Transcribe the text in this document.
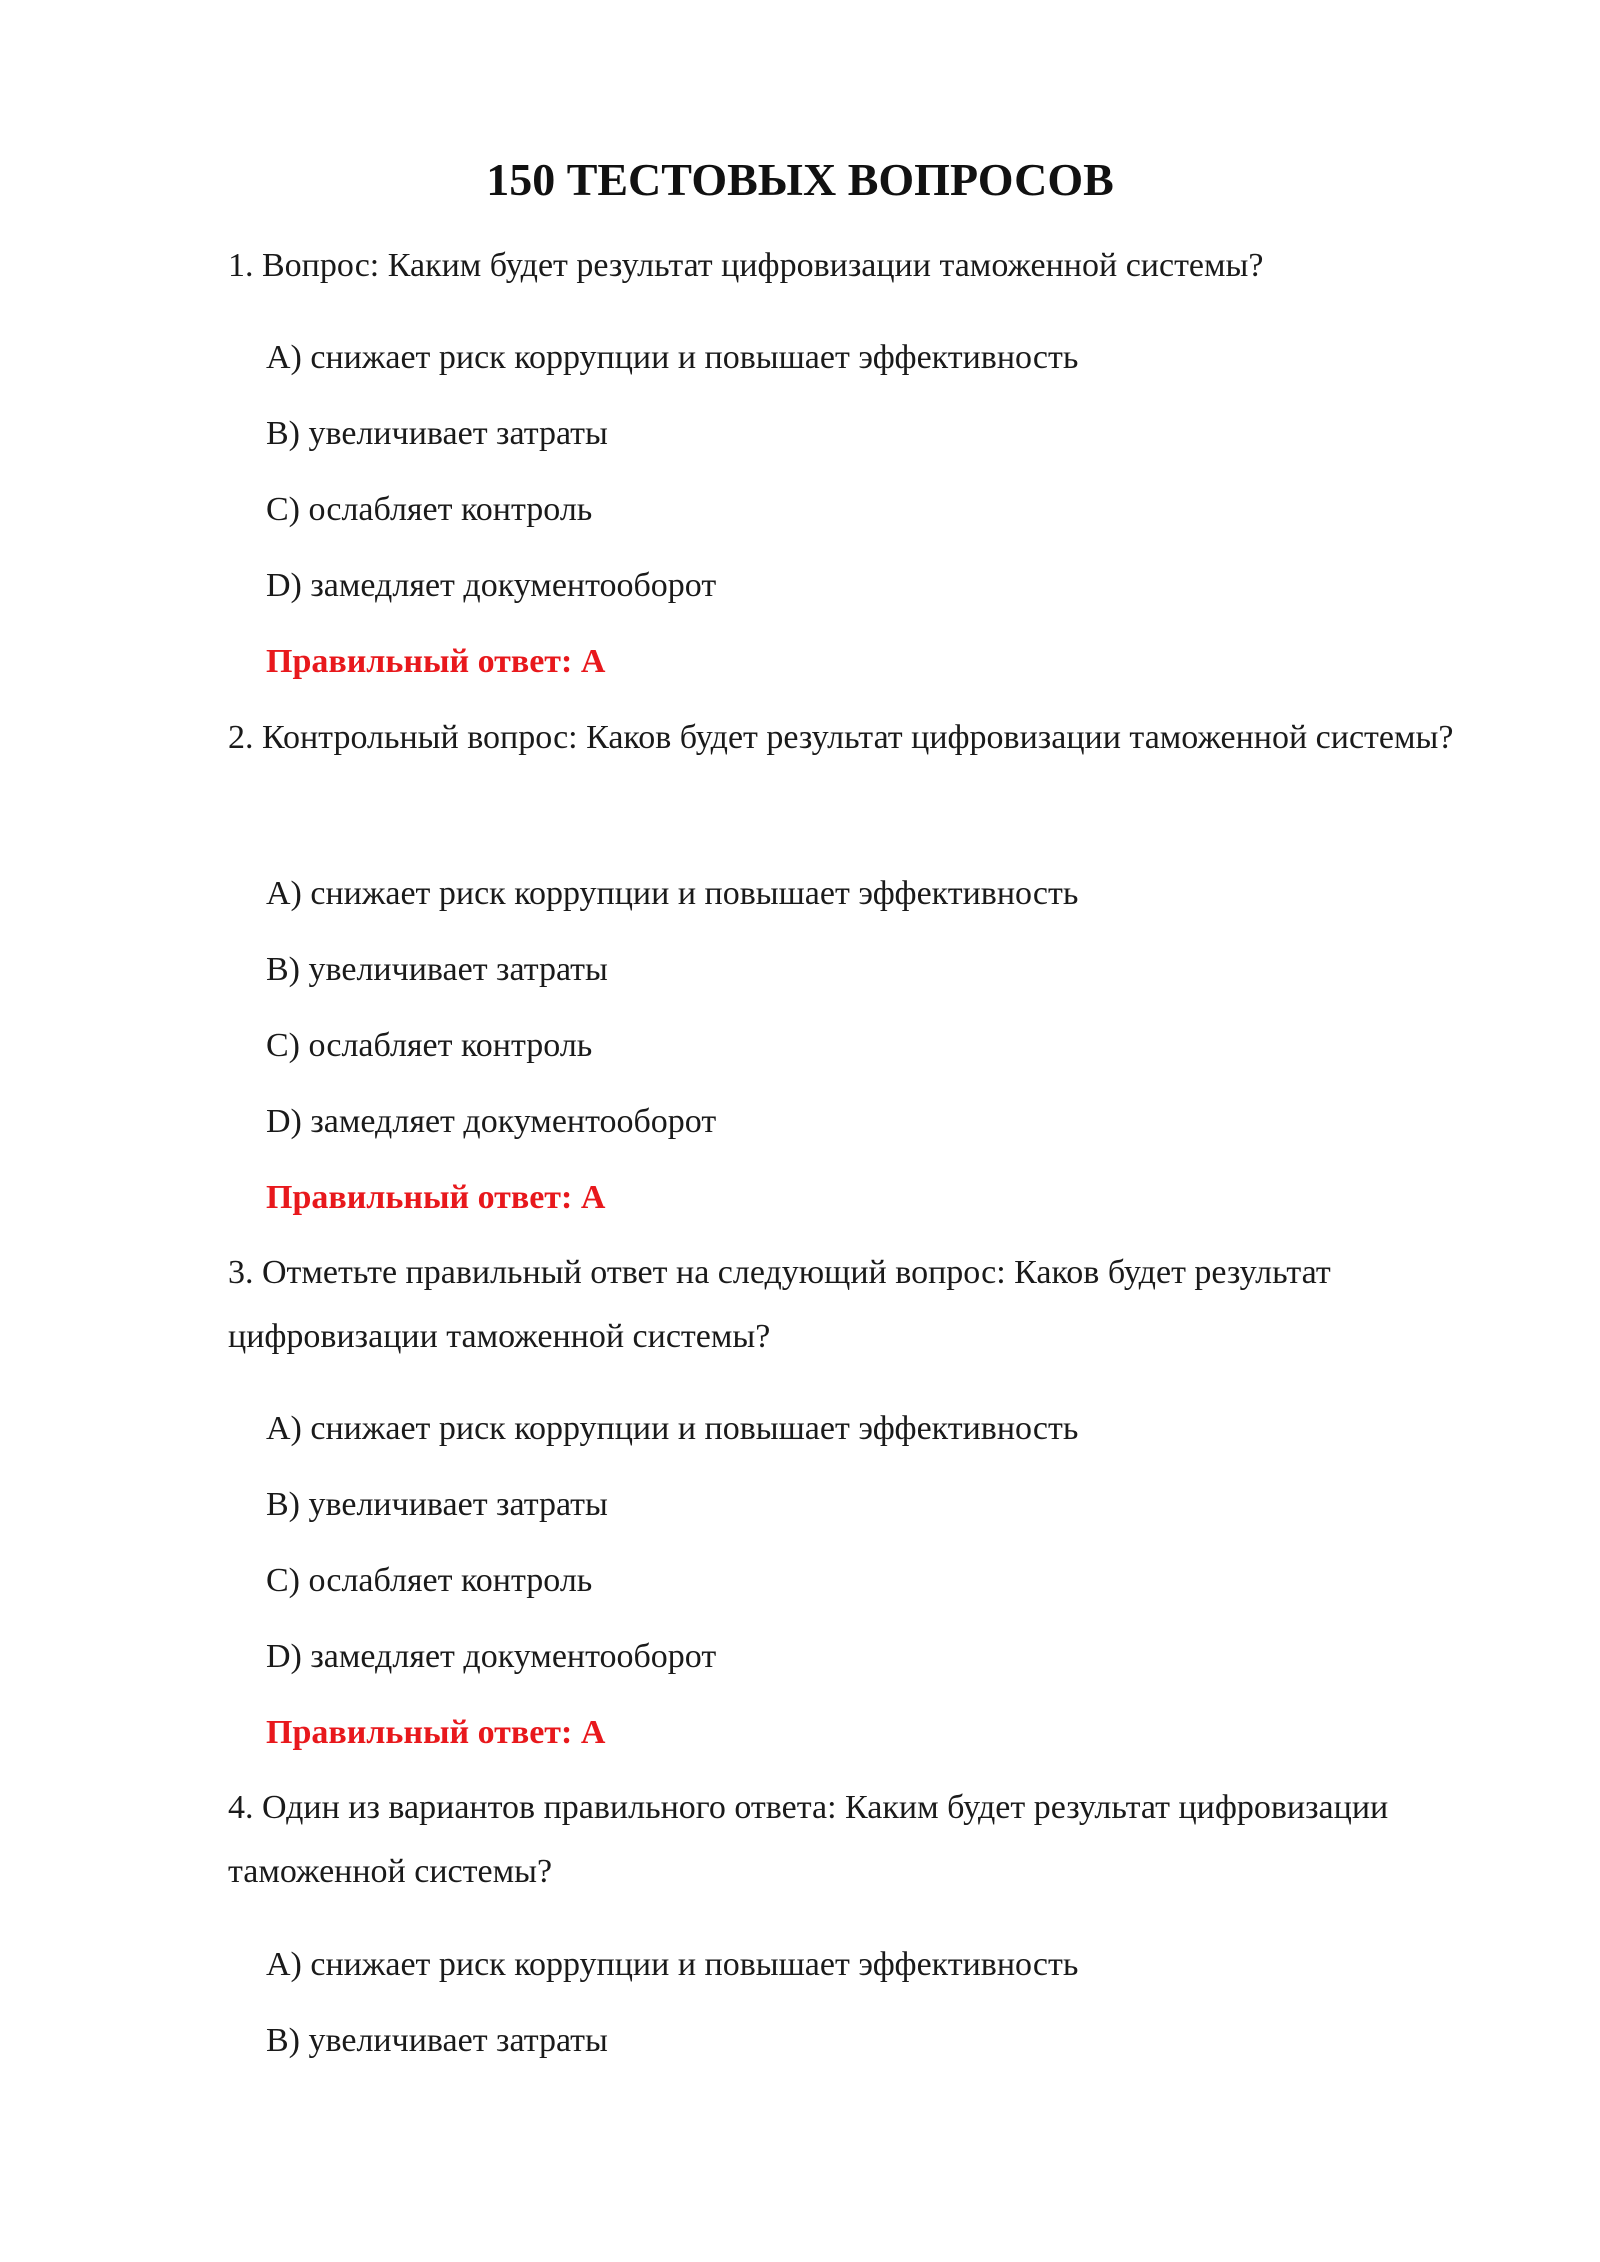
150 ТЕСТОВЫХ ВОПРОСОВ

1. Вопрос: Каким будет результат цифровизации таможенной системы?

A) снижает риск коррупции и повышает эффективность

B) увеличивает затраты

C) ослабляет контроль

D) замедляет документооборот

Правильный ответ: A

2. Контрольный вопрос: Каков будет результат цифровизации таможенной системы?

A) снижает риск коррупции и повышает эффективность

B) увеличивает затраты

C) ослабляет контроль

D) замедляет документооборот

Правильный ответ: A

3. Отметьте правильный ответ на следующий вопрос: Каков будет результат цифровизации таможенной системы?

A) снижает риск коррупции и повышает эффективность

B) увеличивает затраты

C) ослабляет контроль

D) замедляет документооборот

Правильный ответ: A

4. Один из вариантов правильного ответа: Каким будет результат цифровизации таможенной системы?

A) снижает риск коррупции и повышает эффективность

B) увеличивает затраты
